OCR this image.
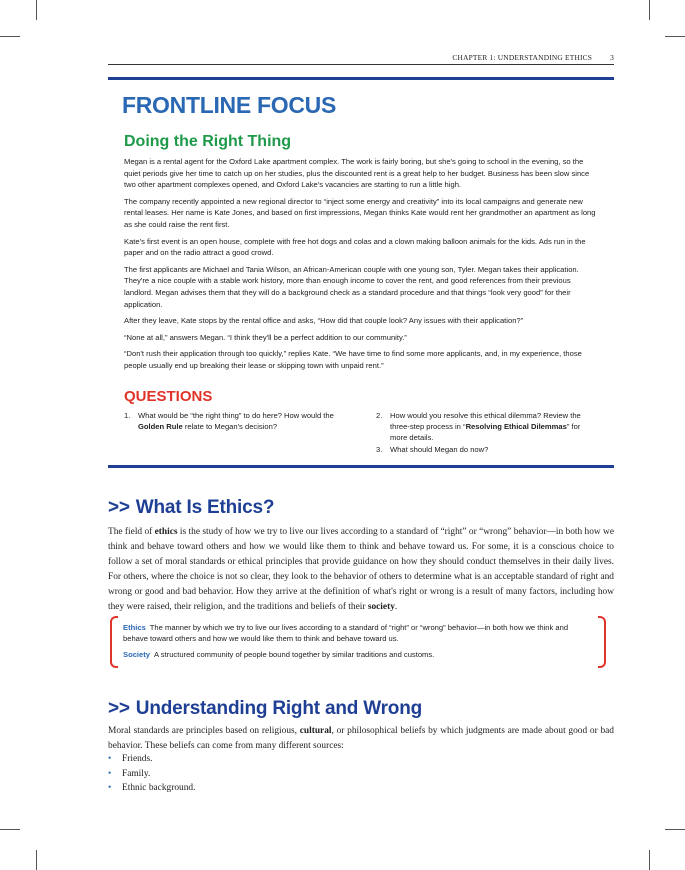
CHAPTER 1: UNDERSTANDING ETHICS 3
FRONTLINE FOCUS
Doing the Right Thing

Megan is a rental agent for the Oxford Lake apartment complex. The work is fairly boring, but she's going to school in the evening, so the quiet periods give her time to catch up on her studies, plus the discounted rent is a great help to her budget. Business has been slow since two other apartment complexes opened, and Oxford Lake's vacancies are starting to run a little high.

The company recently appointed a new regional director to “inject some energy and creativity” into its local campaigns and generate new rental leases. Her name is Kate Jones, and based on first impressions, Megan thinks Kate would rent her grandmother an apartment as long as she could raise the rent first.

Kate's first event is an open house, complete with free hot dogs and colas and a clown making balloon animals for the kids. Ads run in the paper and on the radio attract a good crowd.

The first applicants are Michael and Tania Wilson, an African-American couple with one young son, Tyler. Megan takes their application. They're a nice couple with a stable work history, more than enough income to cover the rent, and good references from their previous landlord. Megan advises them that they will do a background check as a standard procedure and that things “look very good” for their application.

After they leave, Kate stops by the rental office and asks, “How did that couple look? Any issues with their application?”

“None at all,” answers Megan. “I think they'll be a perfect addition to our community.”

“Don't rush their application through too quickly,” replies Kate. “We have time to find some more applicants, and, in my experience, those people usually end up breaking their lease or skipping town with unpaid rent.”

QUESTIONS
1.	What would be “the right thing” to do here? How would the Golden Rule relate to Megan's decision?
2.	How would you resolve this ethical dilemma? Review the three-step process in “Resolving Ethical Dilemmas” for more details.
3.	What should Megan do now?
>> What Is Ethics?
The field of ethics is the study of how we try to live our lives according to a standard of “right” or “wrong” behavior—in both how we think and behave toward others and how we would like them to think and behave toward us. For some, it is a conscious choice to follow a set of moral standards or ethical principles that provide guidance on how they should conduct themselves in their daily lives. For others, where the choice is not so clear, they look to the behavior of others to determine what is an acceptable standard of right and wrong or good and bad behavior. How they arrive at the definition of what's right or wrong is a result of many factors, including how they were raised, their religion, and the traditions and beliefs of their society.
Ethics The manner by which we try to live our lives according to a standard of “right” or “wrong” behavior—in both how we think and behave toward others and how we would like them to think and behave toward us.
Society A structured community of people bound together by similar traditions and customs.
>> Understanding Right and Wrong
Moral standards are principles based on religious, cultural, or philosophical beliefs by which judgments are made about good or bad behavior. These beliefs can come from many different sources:
• Friends.
• Family.
• Ethnic background.
